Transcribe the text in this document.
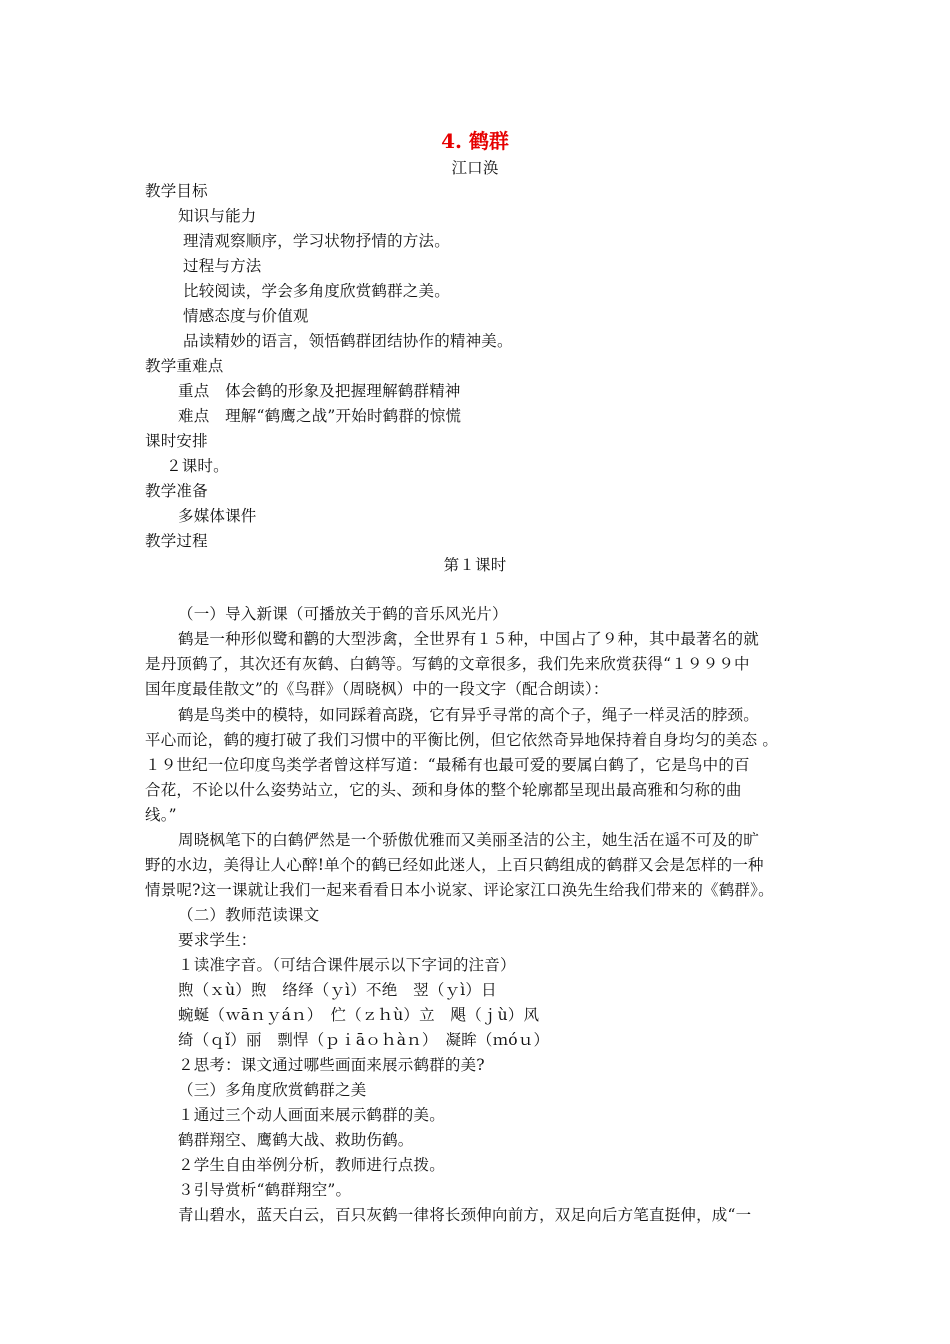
4. 鹤群
江口涣
教学目标
知识与能力
理清观察顺序，学习状物抒情的方法。
过程与方法
比较阅读，学会多角度欣赏鹤群之美。
情感态度与价值观
品读精妙的语言，领悟鹤群团结协作的精神美。
教学重难点
重点　体会鹤的形象及把握理解鹤群精神
难点　理解“鹤鹰之战”开始时鹤群的惊慌
课时安排
２课时。
教学准备
多媒体课件
教学过程
第１课时
（一）导入新课（可播放关于鹤的音乐风光片）
鹤是一种形似鹭和鹳的大型涉禽，全世界有１５种，中国占了９种，其中最著名的就
是丹顶鹤了，其次还有灰鹤、白鹤等。写鹤的文章很多，我们先来欣赏获得“１９９９中
国年度最佳散文”的《鸟群》（周晓枫）中的一段文字（配合朗读）：
鹤是鸟类中的模特，如同踩着高跷，它有异乎寻常的高个子，绳子一样灵活的脖颈。
平心而论，鹤的瘦打破了我们习惯中的平衡比例，但它依然奇异地保持着自身均匀的美态 。
１９世纪一位印度鸟类学者曾这样写道：“最稀有也最可爱的要属白鹤了，它是鸟中的百
合花，不论以什么姿势站立，它的头、颈和身体的整个轮廓都呈现出最高雅和匀称的曲
线。”
周晓枫笔下的白鹤俨然是一个骄傲优雅而又美丽圣洁的公主，她生活在遥不可及的旷
野的水边，美得让人心醉!单个的鹤已经如此迷人，上百只鹤组成的鹤群又会是怎样的一种
情景呢?这一课就让我们一起来看看日本小说家、评论家江口涣先生给我们带来的《鹤群》。
（二）教师范读课文
要求学生：
１读准字音。（可结合课件展示以下字词的注音）
煦（ｘù）煦　络绎（ｙì）不绝　翌（ｙì）日
蜿蜒（ｗāｎｙáｎ）　伫（ｚｈù）立　飓（ｊù）风
绮（ｑǐ）丽　剽悍（ｐｉāｏｈàｎ）　凝眸（ｍóｕ）
２思考：课文通过哪些画面来展示鹤群的美?
（三）多角度欣赏鹤群之美
１通过三个动人画面来展示鹤群的美。
鹤群翔空、鹰鹤大战、救助伤鹤。
２学生自由举例分析，教师进行点拨。
３引导赏析“鹤群翔空”。
青山碧水，蓝天白云，百只灰鹤一律将长颈伸向前方，双足向后方笔直挺伸，成“一
